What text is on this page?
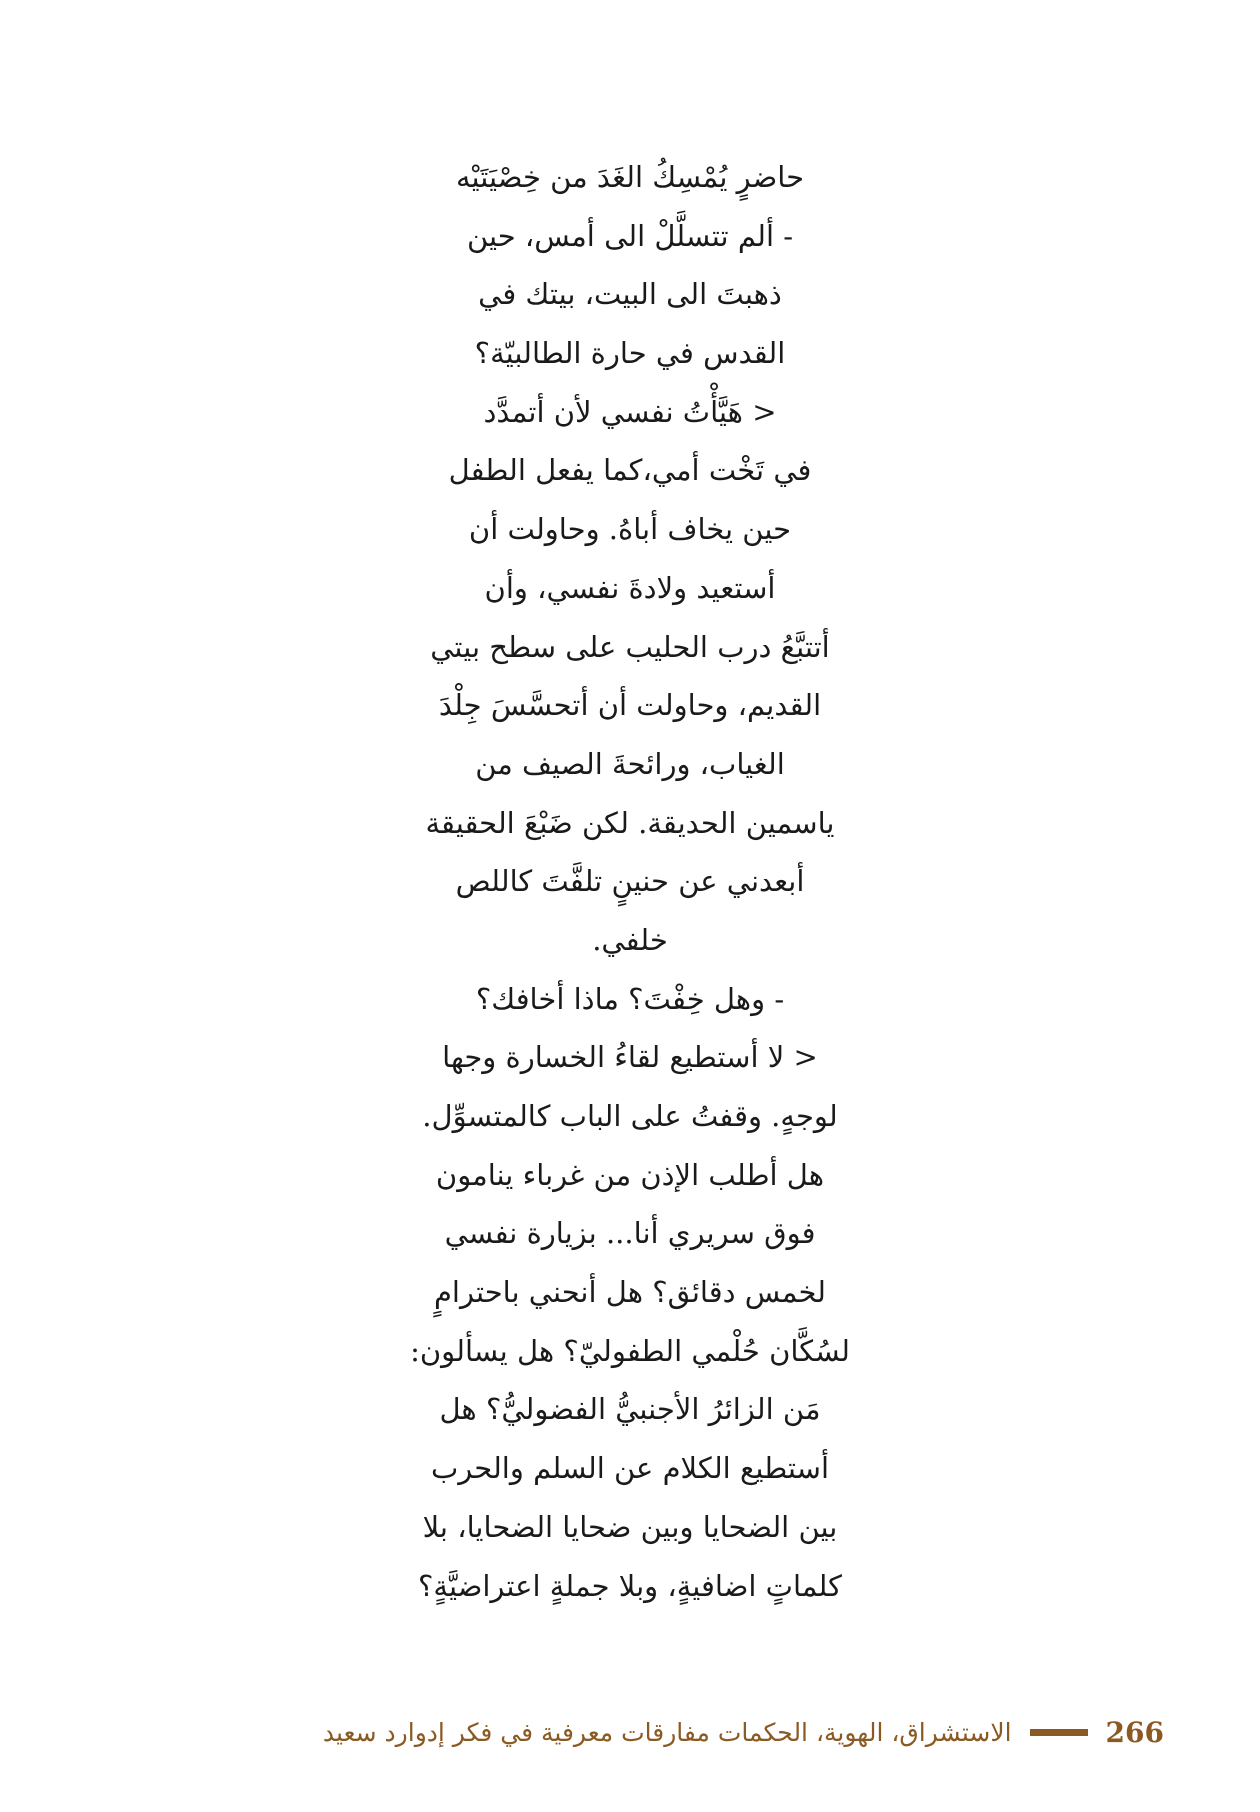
حاضرٍ يُمْسِكُ الغَدَ من خِصْيَتَيْه
- ألم تتسلَّلْ الى أمس، حين
ذهبتَ الى البيت، بيتك في
القدس في حارة الطالبيّة؟
< هَيَّأْتُ نفسي لأن أتمدَّد
في تَخْت أمي،كما يفعل الطفل
حين يخاف أباهُ. وحاولت أن
أستعيد ولادةَ نفسي، وأن
أتتبَّعُ درب الحليب على سطح بيتي
القديم، وحاولت أن أتحسَّسَ جِلْدَ
الغياب، ورائحةَ الصيف من
ياسمين الحديقة. لكن ضَبْعَ الحقيقة
أبعدني عن حنينٍ تلفَّتَ كاللص
خلفي.
- وهل خِفْتَ؟ ماذا أخافك؟
< لا أستطيع لقاءُ الخسارة وجها
لوجهٍ. وقفتُ على الباب كالمتسوِّل.
هل أطلب الإذن من غرباء ينامون
فوق سريري أنا... بزيارة نفسي
لخمس دقائق؟ هل أنحني باحترامٍ
لسُكَّان حُلْمي الطفوليّ؟ هل يسألون:
مَن الزائرُ الأجنبيُّ الفضوليُّ؟ هل
أستطيع الكلام عن السلم والحرب
بين الضحايا وبين ضحايا الضحايا، بلا
كلماتٍ اضافيةٍ، وبلا جملةٍ اعتراضيَّةٍ؟
الاستشراق، الهوية، الحكمات مفارقات معرفية في فكر إدوارد سعيد	266
